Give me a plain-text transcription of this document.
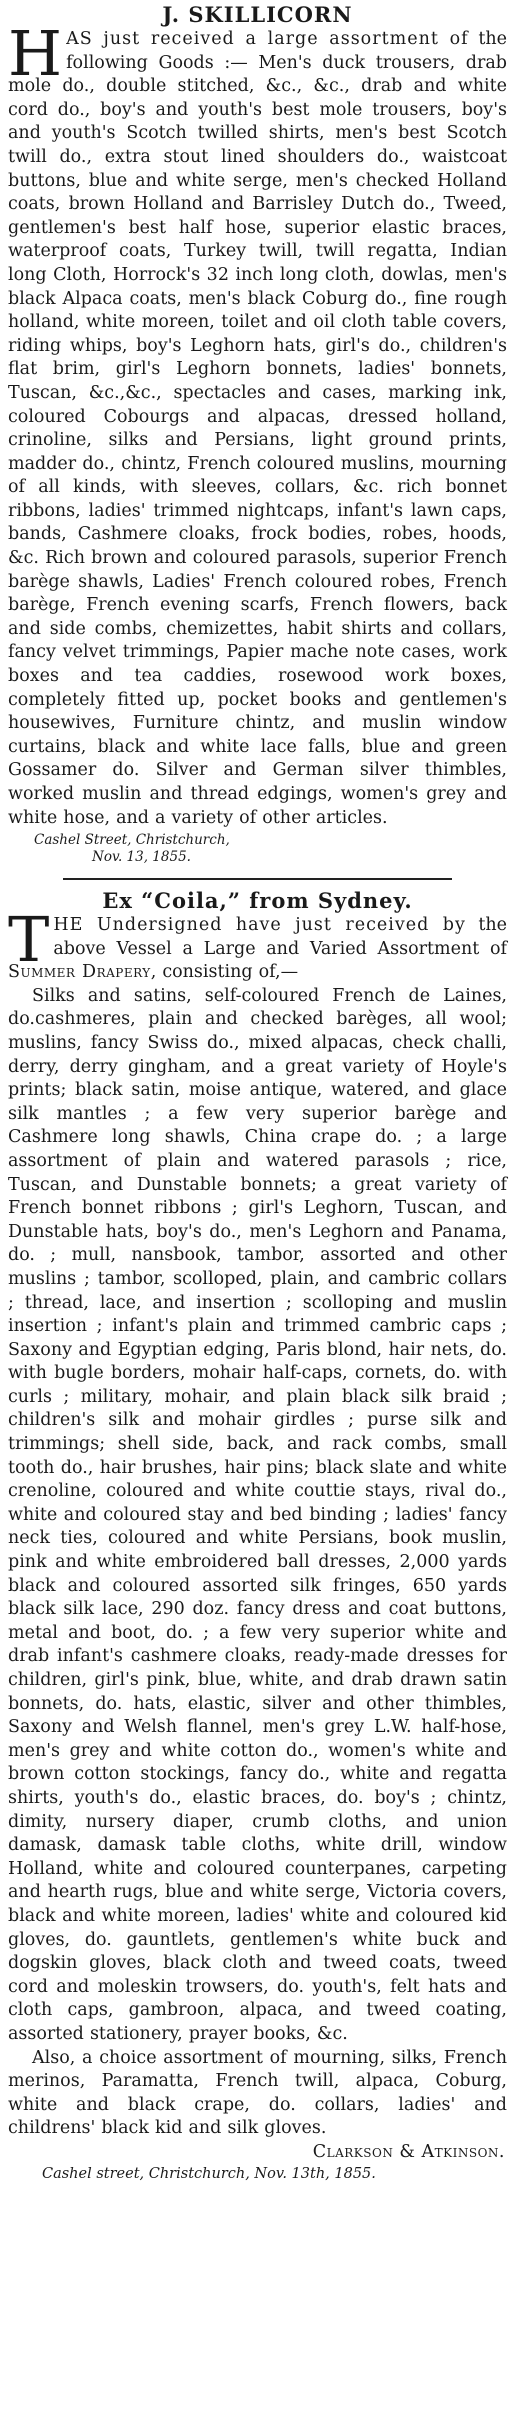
J. SKILLICORN

HAS just received a large assortment of the following Goods :— Men's duck trousers, drab mole do., double stitched, &c., &c., drab and white cord do., boy's and youth's best mole trousers, boy's and youth's Scotch twilled shirts, men's best Scotch twill do., extra stout lined shoulders do., waistcoat buttons, blue and white serge, men's checked Holland coats, brown Holland and Barrisley Dutch do., Tweed, gentlemen's best half hose, superior elastic braces, waterproof coats, Turkey twill, twill regatta, Indian long Cloth, Horrock's 32 inch long cloth, dowlas, men's black Alpaca coats, men's black Coburg do., fine rough holland, white moreen, toilet and oil cloth table covers, riding whips, boy's Leghorn hats, girl's do., children's flat brim, girl's Leghorn bonnets, ladies' bonnets, Tuscan, &c.,&c., spectacles and cases, marking ink, coloured Cobourgs and alpacas, dressed holland, crinoline, silks and Persians, light ground prints, madder do., chintz, French coloured muslins, mourning of all kinds, with sleeves, collars, &c. rich bonnet ribbons, ladies' trimmed nightcaps, infant's lawn caps, bands, Cashmere cloaks, frock bodies, robes, hoods, &c. Rich brown and coloured parasols, superior French barège shawls, Ladies' French coloured robes, French barège, French evening scarfs, French flowers, back and side combs, chemizettes, habit shirts and collars, fancy velvet trimmings, Papier mache note cases, work boxes and tea caddies, rosewood work boxes, completely fitted up, pocket books and gentlemen's housewives, Furniture chintz, and muslin window curtains, black and white lace falls, blue and green Gossamer do. Silver and German silver thimbles, worked muslin and thread edgings, women's grey and white hose, and a variety of other articles.

Cashel Street, Christchurch,
Nov. 13, 1855.
Ex “Coila,” from Sydney.

THE Undersigned have just received by the above Vessel a Large and Varied Assortment of Summer Drapery, consisting of,—

Silks and satins, self-coloured French de Laines, do.cashmeres, plain and checked barèges, all wool; muslins, fancy Swiss do., mixed alpacas, check challi, derry, derry gingham, and a great variety of Hoyle's prints; black satin, moise antique, watered, and glace silk mantles ; a few very superior barège and Cashmere long shawls, China crape do. ; a large assortment of plain and watered parasols ; rice, Tuscan, and Dunstable bonnets; a great variety of French bonnet ribbons ; girl's Leghorn, Tuscan, and Dunstable hats, boy's do., men's Leghorn and Panama, do. ; mull, nansbook, tambor, assorted and other muslins ; tambor, scolloped, plain, and cambric collars ; thread, lace, and insertion ; scolloping and muslin insertion ; infant's plain and trimmed cambric caps ; Saxony and Egyptian edging, Paris blond, hair nets, do. with bugle borders, mohair half-caps, cornets, do. with curls ; military, mohair, and plain black silk braid ; children's silk and mohair girdles ; purse silk and trimmings; shell side, back, and rack combs, small tooth do., hair brushes, hair pins; black slate and white crenoline, coloured and white couttie stays, rival do., white and coloured stay and bed binding ; ladies' fancy neck ties, coloured and white Persians, book muslin, pink and white embroidered ball dresses, 2,000 yards black and coloured assorted silk fringes, 650 yards black silk lace, 290 doz. fancy dress and coat buttons, metal and boot, do. ; a few very superior white and drab infant's cashmere cloaks, ready-made dresses for children, girl's pink, blue, white, and drab drawn satin bonnets, do. hats, elastic, silver and other thimbles, Saxony and Welsh flannel, men's grey L.W. half-hose, men's grey and white cotton do., women's white and brown cotton stockings, fancy do., white and regatta shirts, youth's do., elastic braces, do. boy's ; chintz, dimity, nursery diaper, crumb cloths, and union damask, damask table cloths, white drill, window Holland, white and coloured counterpanes, carpeting and hearth rugs, blue and white serge, Victoria covers, black and white moreen, ladies' white and coloured kid gloves, do. gauntlets, gentlemen's white buck and dogskin gloves, black cloth and tweed coats, tweed cord and moleskin trowsers, do. youth's, felt hats and cloth caps, gambroon, alpaca, and tweed coating, assorted stationery, prayer books, &c.

Also, a choice assortment of mourning, silks, French merinos, Paramatta, French twill, alpaca, Coburg, white and black crape, do. collars, ladies' and childrens' black kid and silk gloves.

Clarkson & Atkinson.

Cashel street, Christchurch, Nov. 13th, 1855.
